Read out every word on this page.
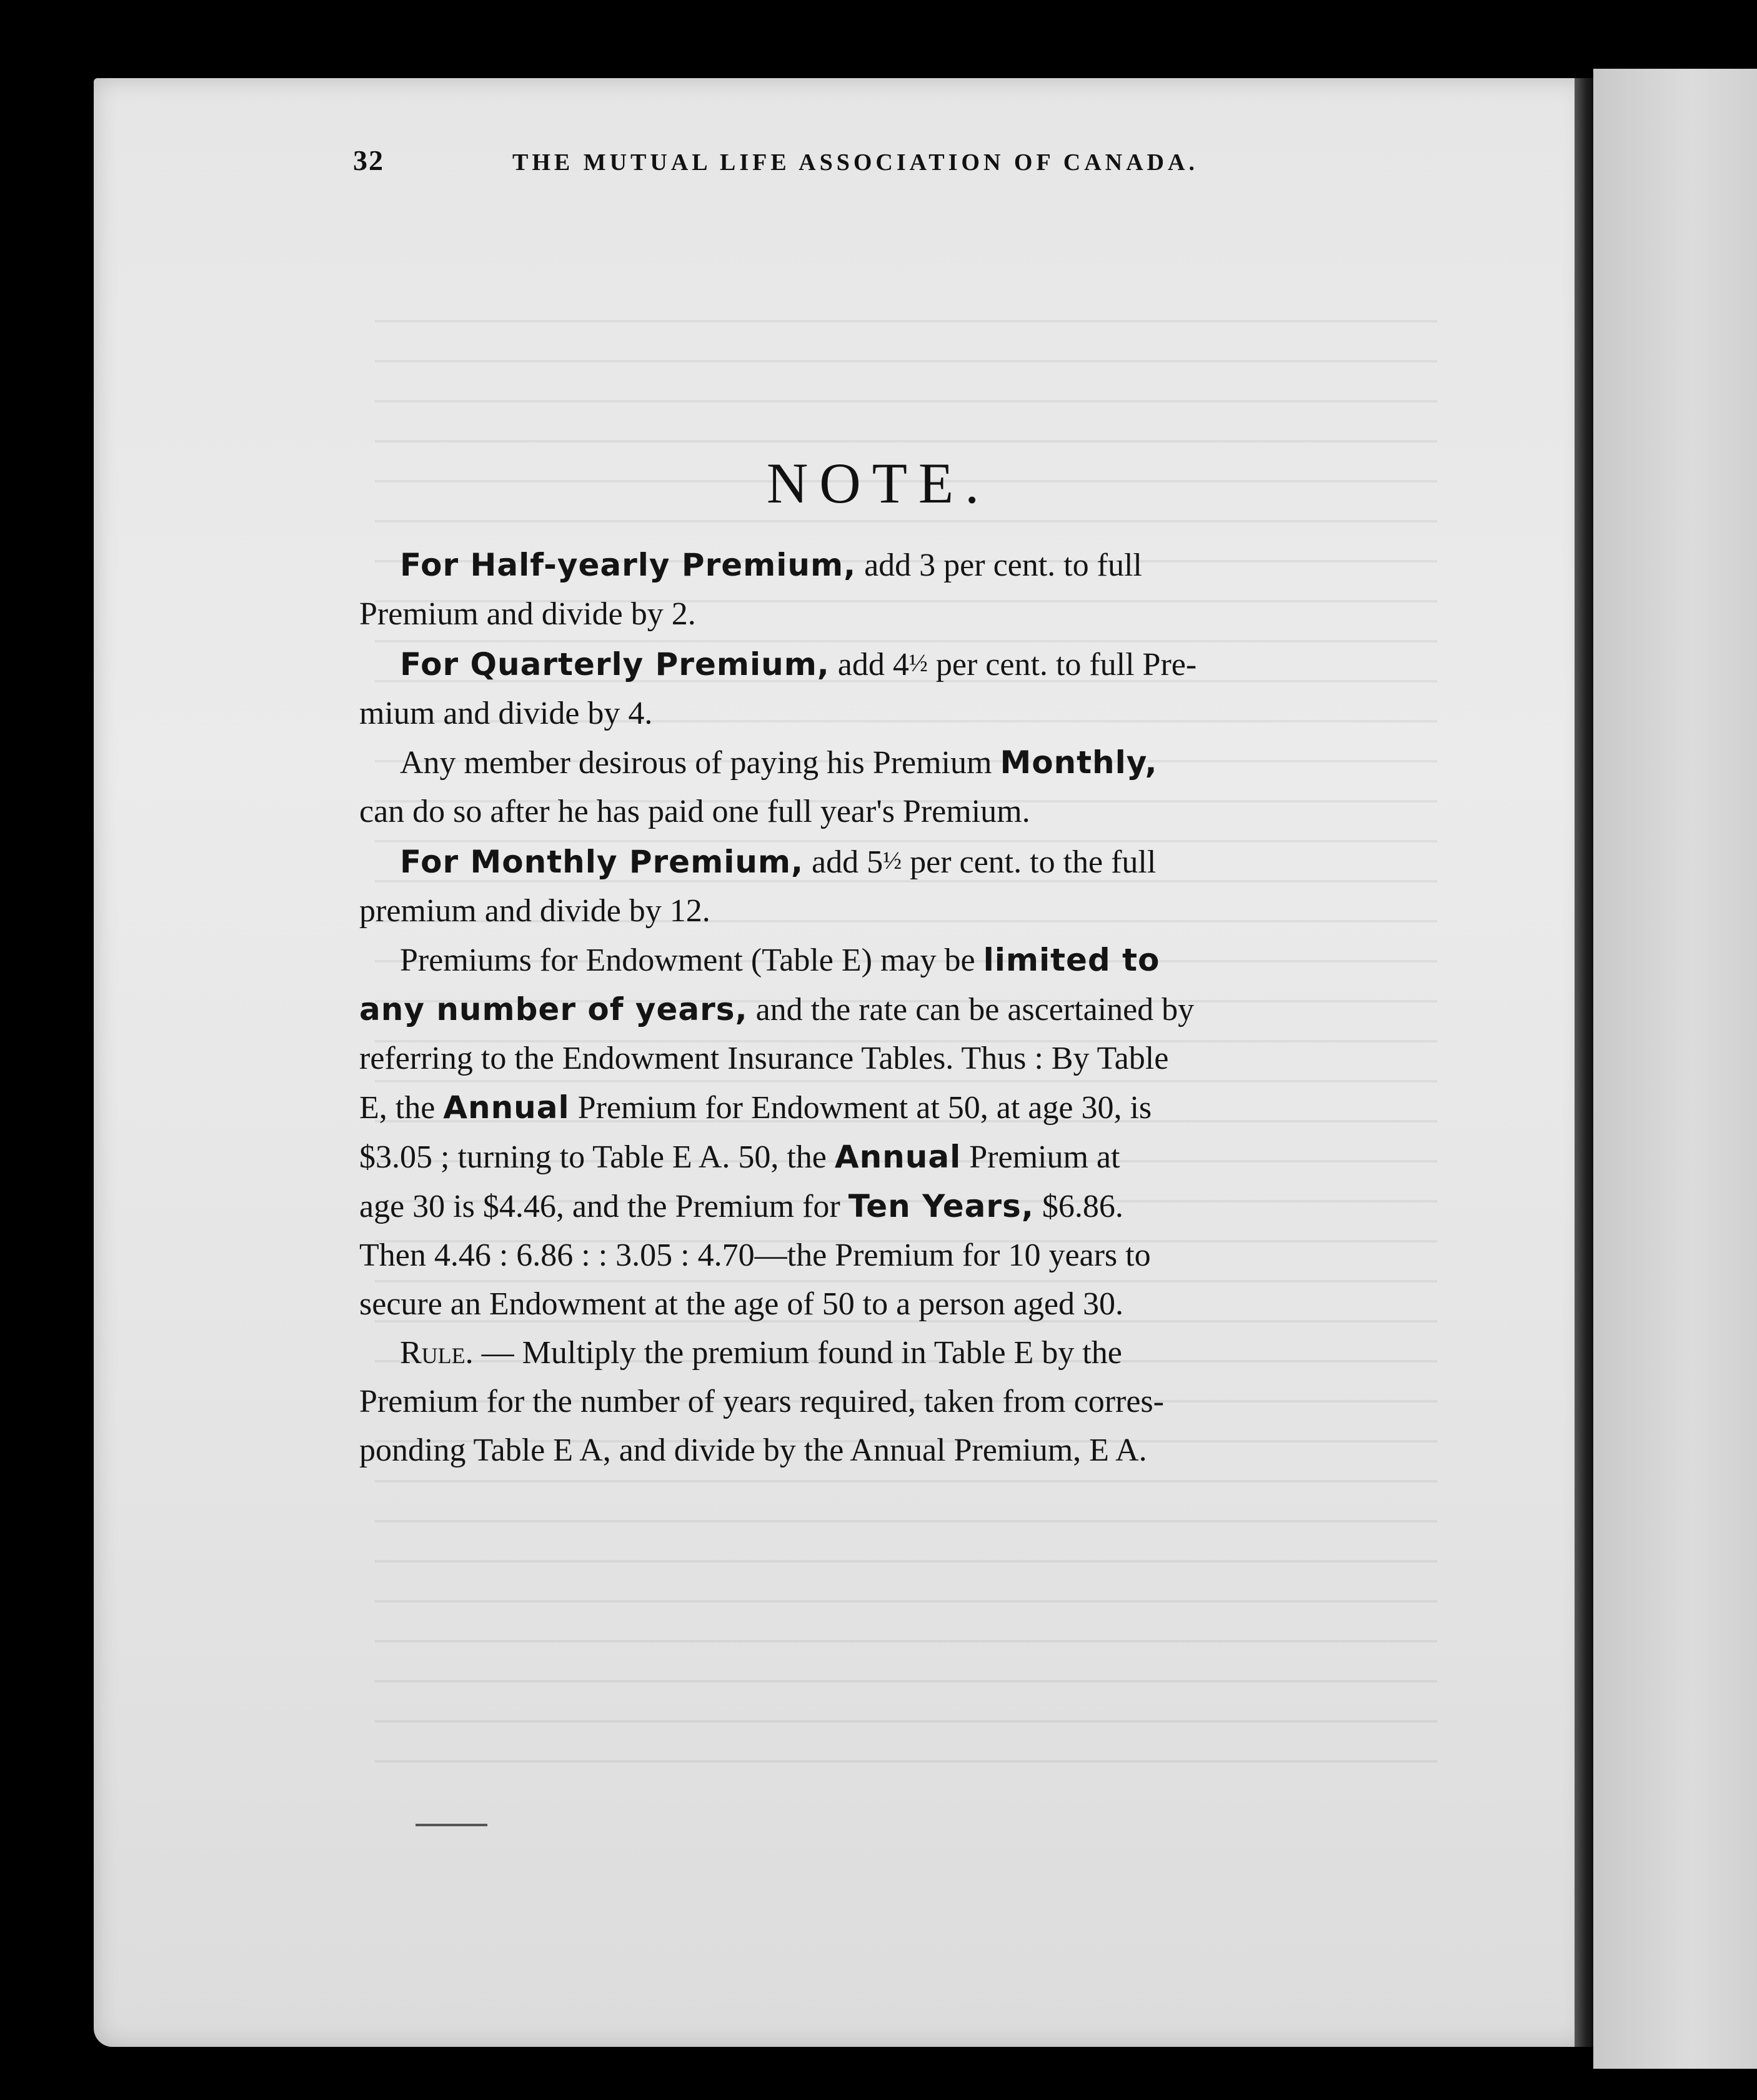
32	THE MUTUAL LIFE ASSOCIATION OF CANADA.
NOTE.
For Half-yearly Premium, add 3 per cent. to full
Premium and divide by 2.
For Quarterly Premium, add 4½ per cent. to full Pre-
mium and divide by 4.
Any member desirous of paying his Premium Monthly,
can do so after he has paid one full year's Premium.
For Monthly Premium, add 5½ per cent. to the full
premium and divide by 12.
Premiums for Endowment (Table E) may be limited to
any number of years, and the rate can be ascertained by
referring to the Endowment Insurance Tables. Thus : By Table
E, the Annual Premium for Endowment at 50, at age 30, is
$3.05 ; turning to Table E A. 50, the Annual Premium at
age 30 is $4.46, and the Premium for Ten Years, $6.86.
Then 4.46 : 6.86 : : 3.05 : 4.70—the Premium for 10 years to
secure an Endowment at the age of 50 to a person aged 30.
Rule. — Multiply the premium found in Table E by the
Premium for the number of years required, taken from corres-
ponding Table E A, and divide by the Annual Premium, E A.
